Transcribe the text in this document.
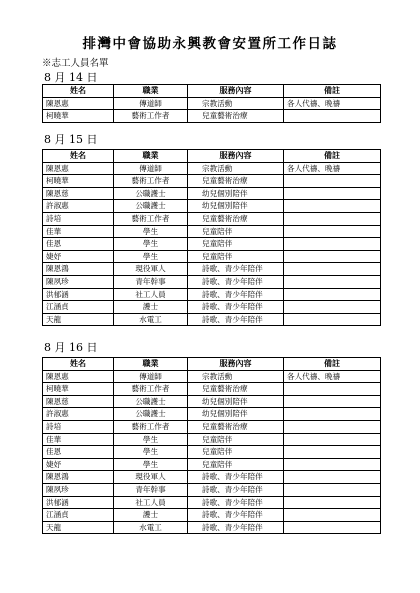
排灣中會協助永興教會安置所工作日誌
※志工人員名單
8 月 14 日
姓名	職業	服務內容	備註
陳恩惠	傳道師	宗教活動	各人代禱、晚禱
柯曉華	藝術工作者	兒童藝術治療	
8 月 15 日
姓名	職業	服務內容	備註
陳恩惠	傳道師	宗教活動	各人代禱、晚禱
柯曉華	藝術工作者	兒童藝術治療	
陳恩慈	公職護士	幼兒個別陪伴	
許淑惠	公職護士	幼兒個別陪伴	
詩培	藝術工作者	兒童藝術治療	
佳華	學生	兒童陪伴	
佳恩	學生	兒童陪伴	
婕妤	學生	兒童陪伴	
陳恩鴻	現役軍人	詩歌、青少年陪伴	
陳夙珍	青年幹事	詩歌、青少年陪伴	
洪郁涵	社工人員	詩歌、青少年陪伴	
江涵貞	護士	詩歌、青少年陪伴	
天龍	水電工	詩歌、青少年陪伴	
8 月 16 日
姓名	職業	服務內容	備註
陳恩惠	傳道師	宗教活動	各人代禱、晚禱
柯曉華	藝術工作者	兒童藝術治療	
陳恩慈	公職護士	幼兒個別陪伴	
許淑惠	公職護士	幼兒個別陪伴	
詩培	藝術工作者	兒童藝術治療	
佳華	學生	兒童陪伴	
佳恩	學生	兒童陪伴	
婕妤	學生	兒童陪伴	
陳恩鴻	現役軍人	詩歌、青少年陪伴	
陳夙珍	青年幹事	詩歌、青少年陪伴	
洪郁涵	社工人員	詩歌、青少年陪伴	
江涵貞	護士	詩歌、青少年陪伴	
天龍	水電工	詩歌、青少年陪伴	
